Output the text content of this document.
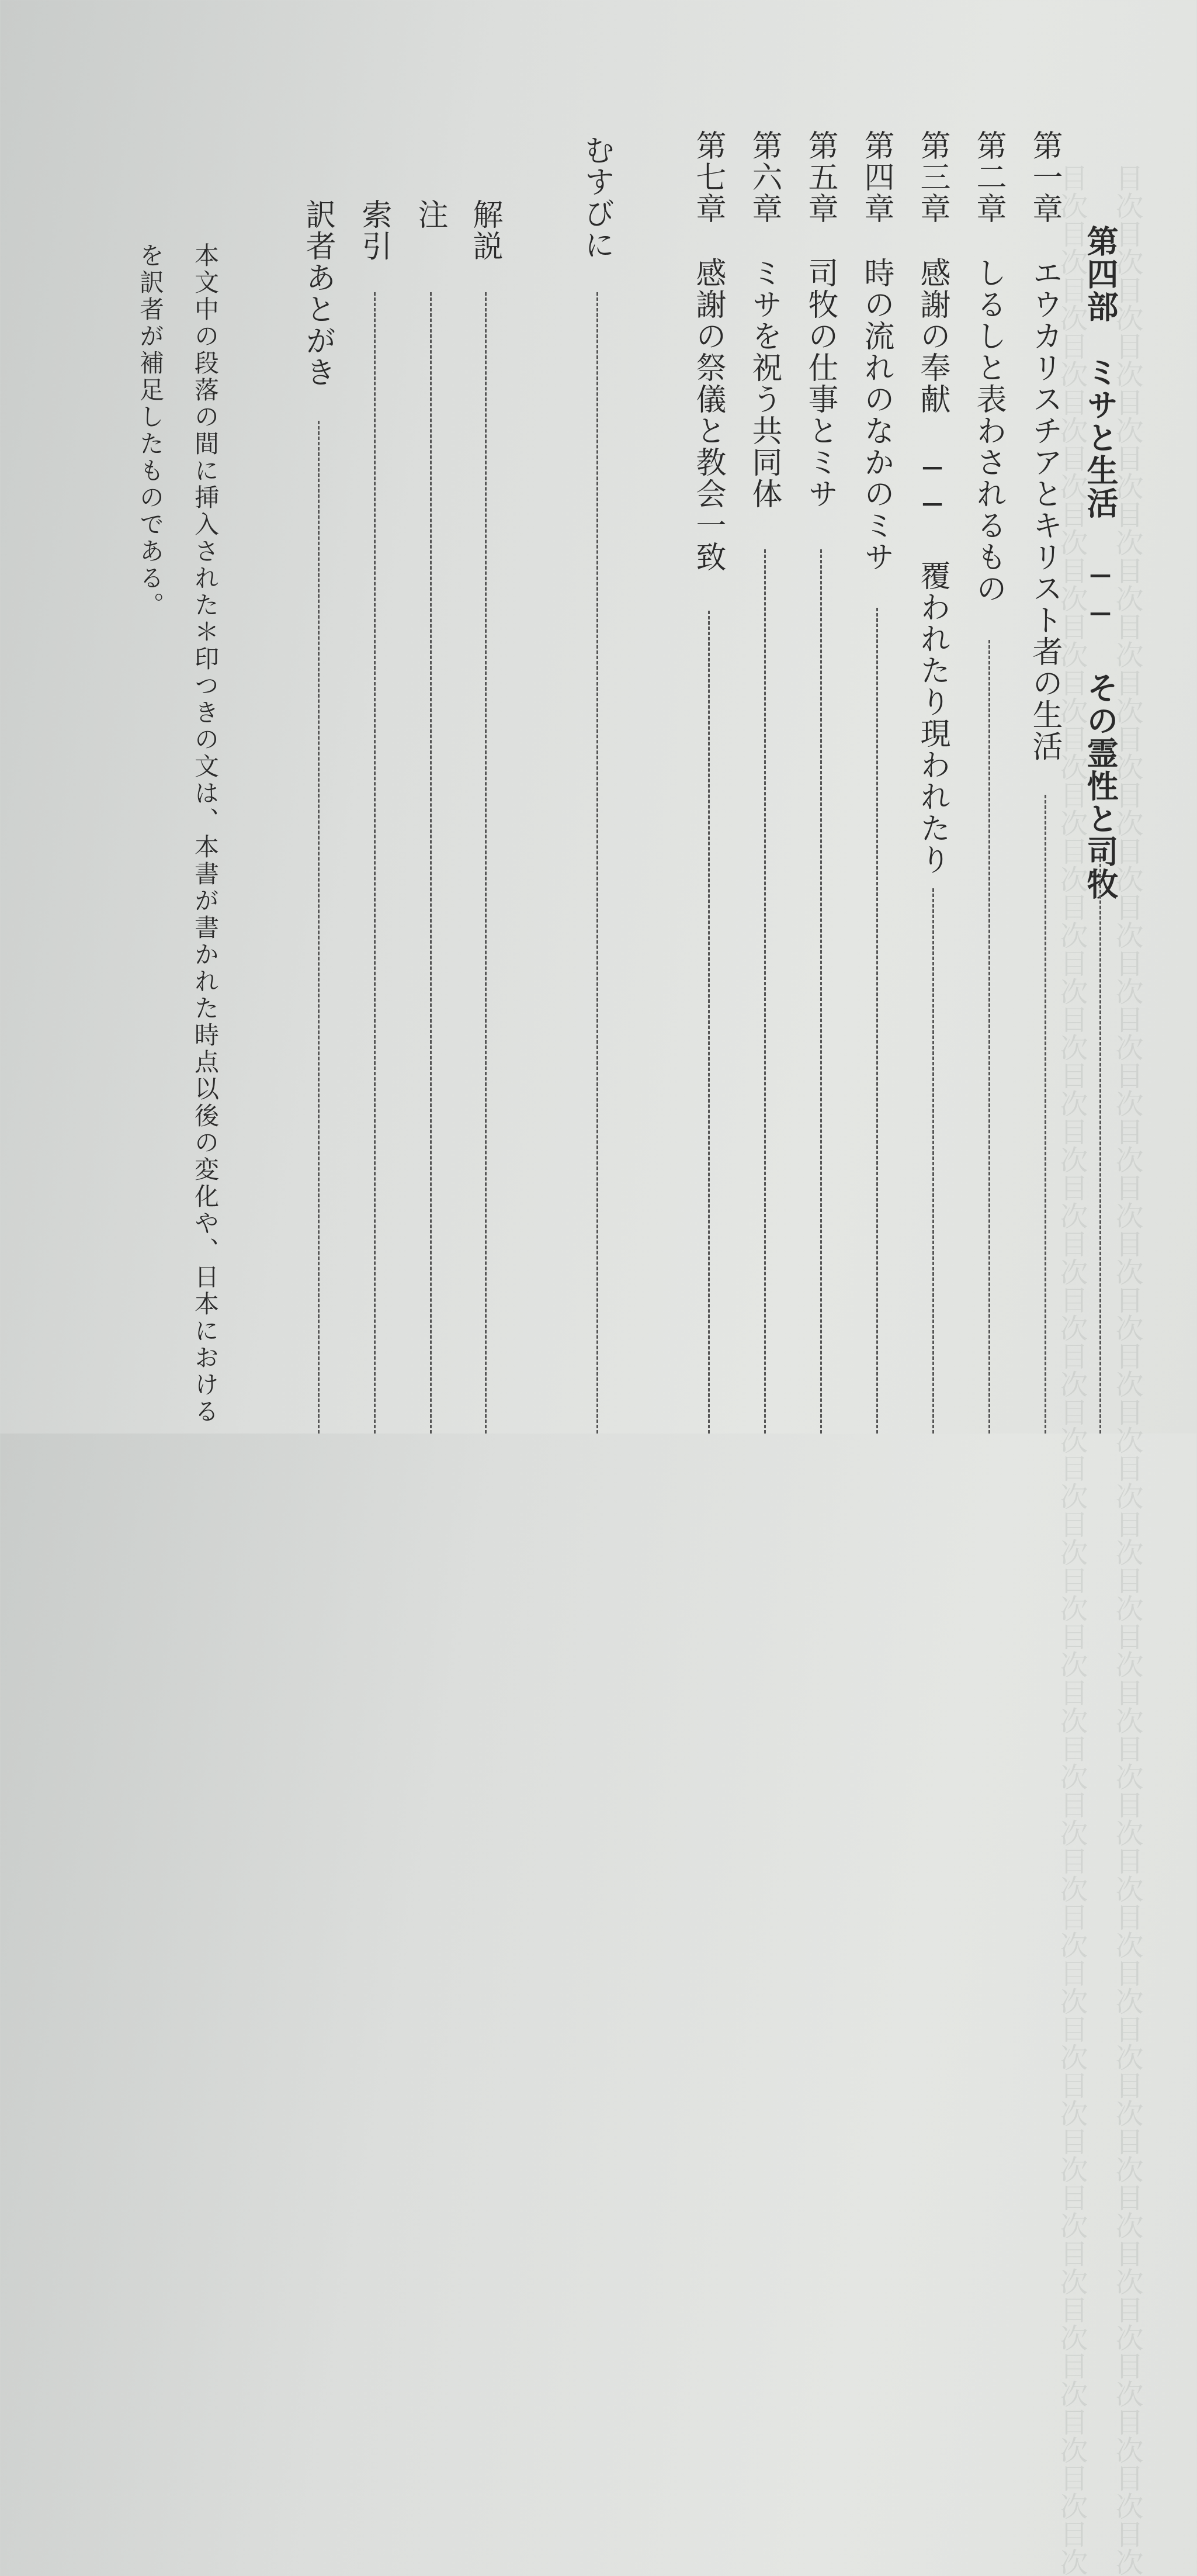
目次目次目次目次目次目次目次目次目次目次目次目次目次目次目次目次目次目次目次目次目次目次目次目次目次目次目次目次目次目次目次目次目次目次目次目次目次目次目次目次目次目次目次
目次目次目次目次目次目次目次目次目次目次目次目次目次目次目次目次目次目次目次目次目次目次目次目次目次目次目次目次目次目次目次目次目次目次目次目次目次目次目次目次目次目次目次
第四部ミサと生活 ── その霊性と司牧
第一章エウカリスチアとキリスト者の生活
第二章しるしと表わされるもの
第三章感謝の奉献 ── 覆われたり現われたり
第四章時の流れのなかのミサ
第五章司牧の仕事とミサ
第六章ミサを祝う共同体
第七章感謝の祭儀と教会一致
むすびに
解説
注
索引
訳者あとがき
本文中の段落の間に挿入された＊印つきの文は、本書が書かれた時点以後の変化や、日本における
を訳者が補足したものである。
